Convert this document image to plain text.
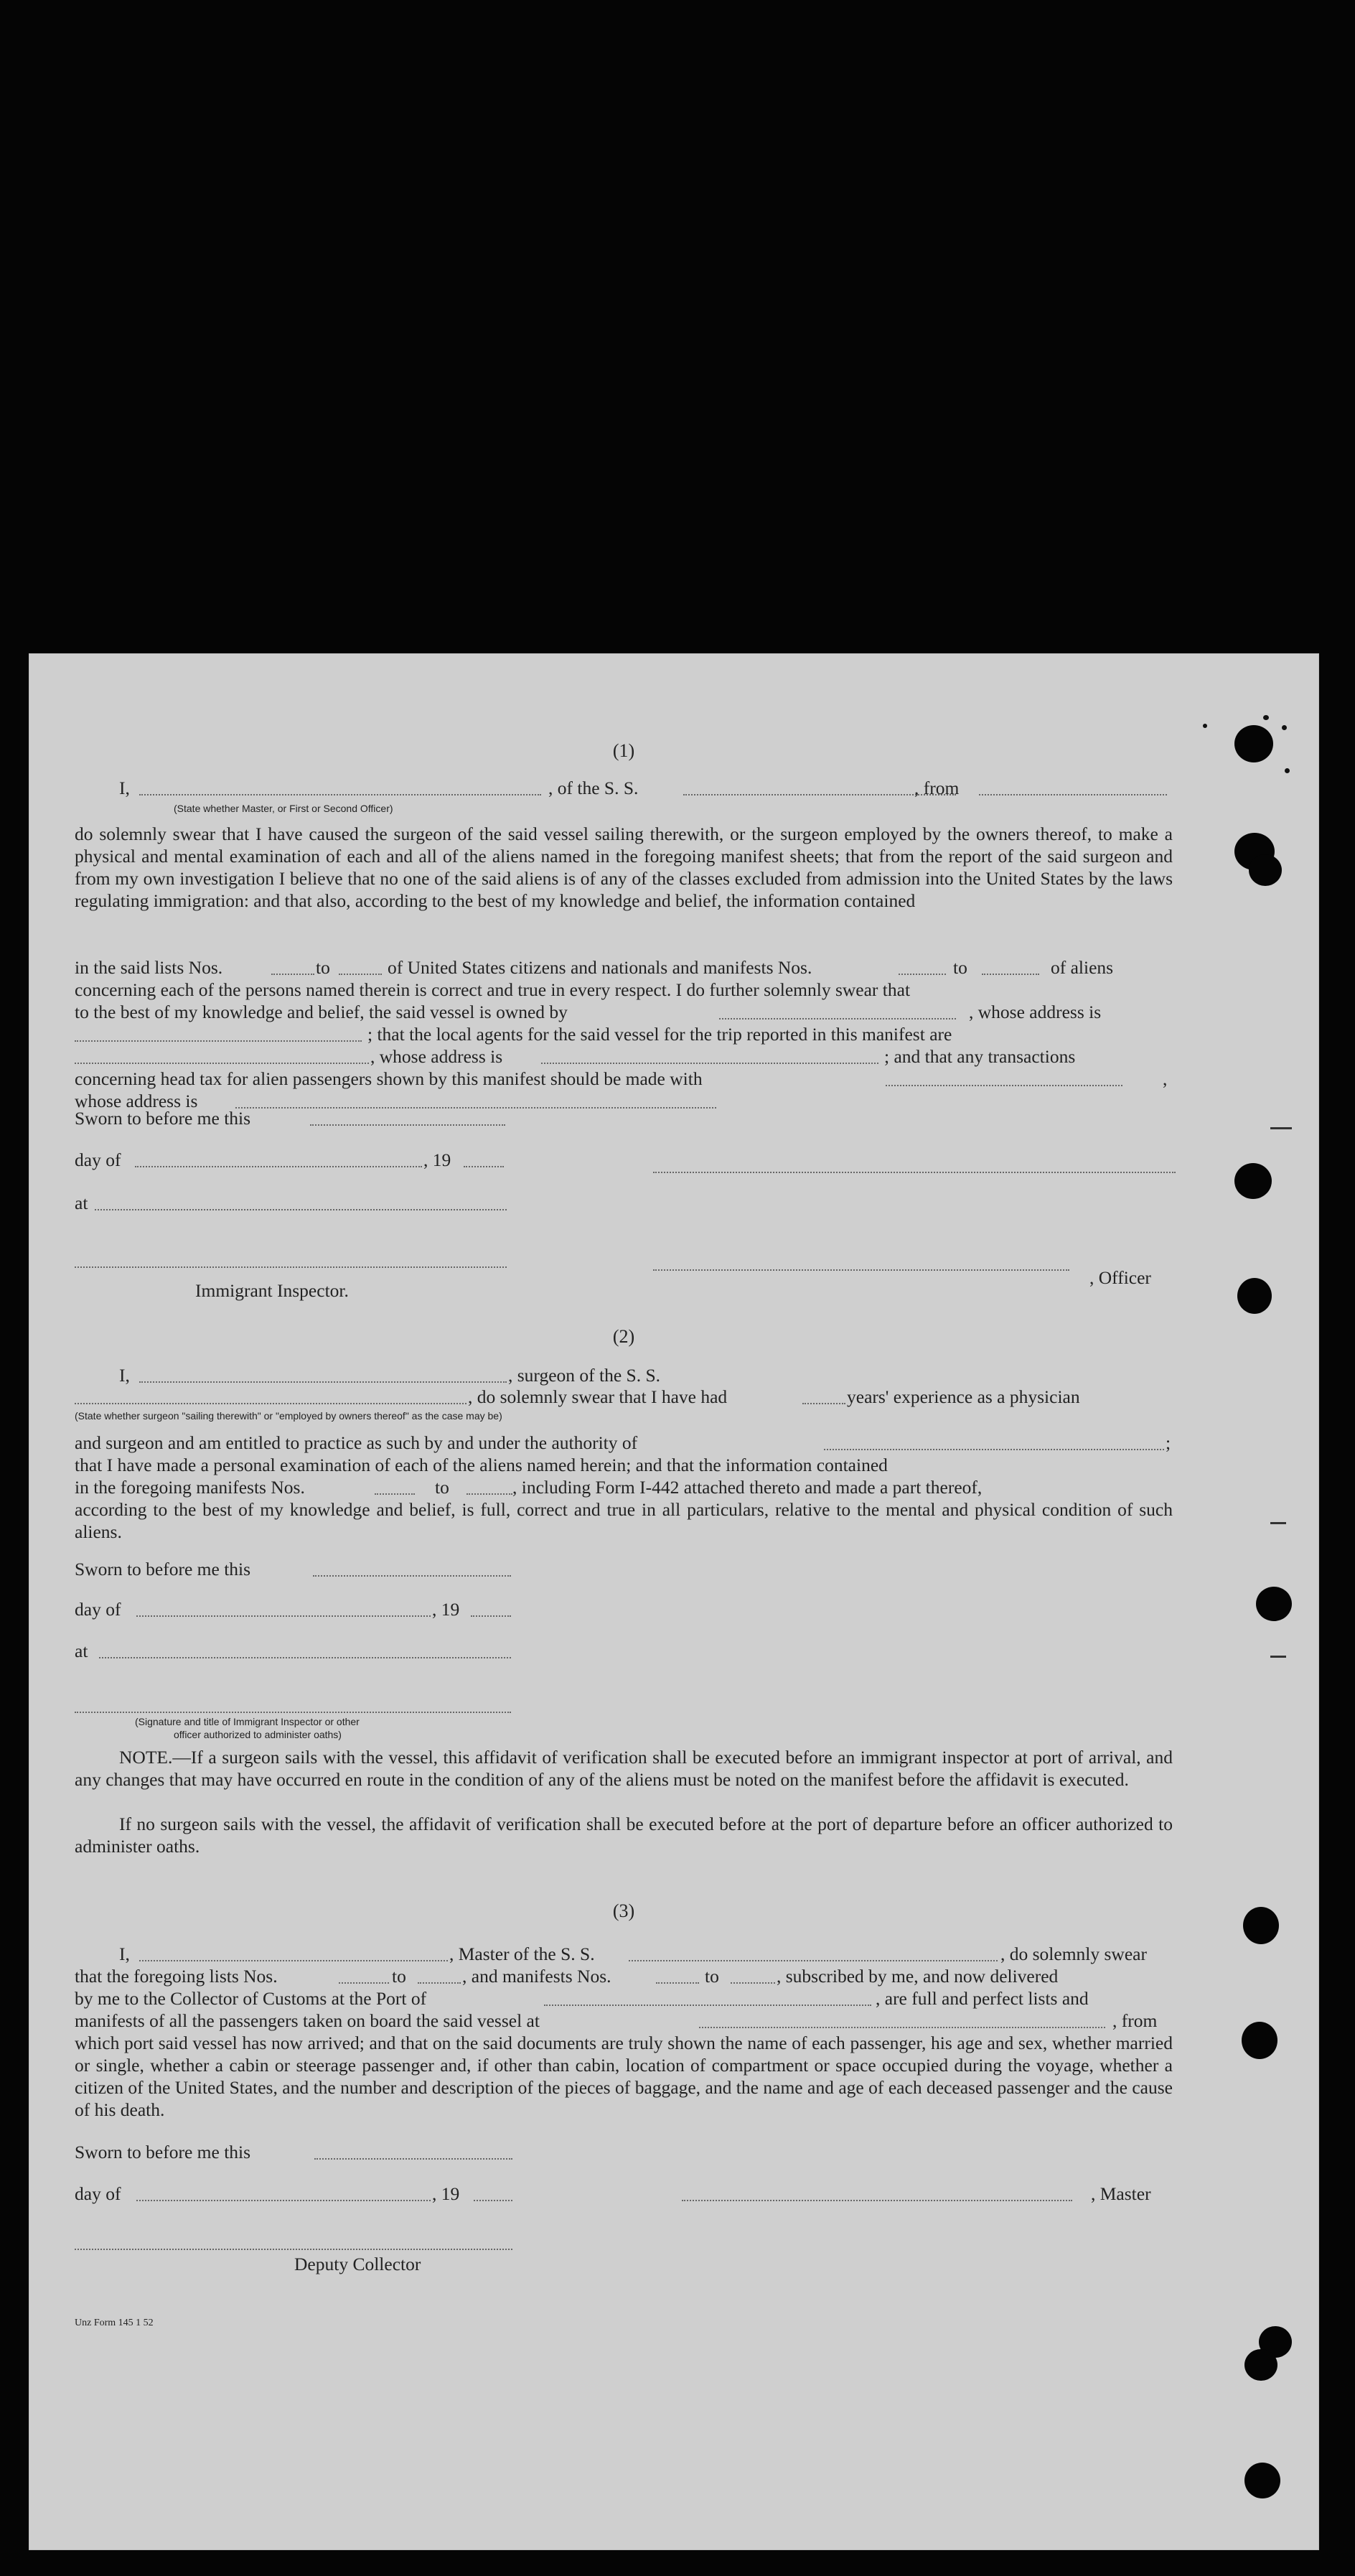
(1)
I,	, of the S. S.	, from
(State whether Master, or First or Second Officer)
do solemnly swear that I have caused the surgeon of the said vessel sailing therewith, or the surgeon employed by the owners thereof, to make a physical and mental examination of each and all of the aliens named in the foregoing manifest sheets; that from the report of the said surgeon and from my own investigation I believe that no one of the said aliens is of any of the classes excluded from admission into the United States by the laws regulating immigration: and that also, according to the best of my knowledge and belief, the information contained
in the said lists Nos.	to	of United States citizens and nationals and manifests Nos.	to	of aliens
concerning each of the persons named therein is correct and true in every respect. I do further solemnly swear that
to the best of my knowledge and belief, the said vessel is owned by	, whose address is
; that the local agents for the said vessel for the trip reported in this manifest are
, whose address is	; and that any transactions
concerning head tax for alien passengers shown by this manifest should be made with	,
whose address is
Sworn to before me this
day of	, 19
at
Immigrant Inspector.
, Officer
(2)
I,	, surgeon of the S. S.
, do solemnly swear that I have had	years' experience as a physician
(State whether surgeon "sailing therewith" or "employed by owners thereof" as the case may be)
and surgeon and am entitled to practice as such by and under the authority of	;
that I have made a personal examination of each of the aliens named herein; and that the information contained
in the foregoing manifests Nos.	to	, including Form I-442 attached thereto and made a part thereof,
according to the best of my knowledge and belief, is full, correct and true in all particulars, relative to the mental and physical condition of such aliens.
Sworn to before me this
day of	, 19
at
(Signature and title of Immigrant Inspector or other
officer authorized to administer oaths)
NOTE.—If a surgeon sails with the vessel, this affidavit of verification shall be executed before an immigrant inspector at port of arrival, and any changes that may have occurred en route in the condition of any of the aliens must be noted on the manifest before the affidavit is executed.
If no surgeon sails with the vessel, the affidavit of verification shall be executed before at the port of departure before an officer authorized to administer oaths.
(3)
I,	, Master of the S. S.	, do solemnly swear
that the foregoing lists Nos.	to	, and manifests Nos.	to	, subscribed by me, and now delivered
by me to the Collector of Customs at the Port of	, are full and perfect lists and
manifests of all the passengers taken on board the said vessel at	, from
which port said vessel has now arrived; and that on the said documents are truly shown the name of each passenger, his age and sex, whether married or single, whether a cabin or steerage passenger and, if other than cabin, location of compartment or space occupied during the voyage, whether a citizen of the United States, and the number and description of the pieces of baggage, and the name and age of each deceased passenger and the cause of his death.
Sworn to before me this
day of	, 19	, Master
Deputy Collector
Unz Form 145 1 52
